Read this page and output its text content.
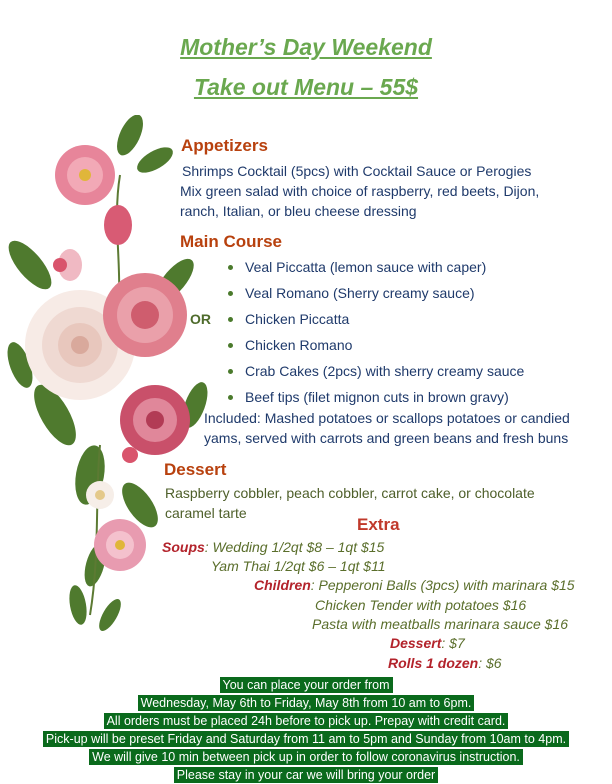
Mother’s Day Weekend
Take out Menu – 55$
Appetizers

Shrimps Cocktail (5pcs) with Cocktail Sauce or Perogies

Mix green salad with choice of raspberry, red beets, Dijon,

ranch, Italian, or bleu cheese dressing

Main Course
OR
Veal Piccatta (lemon sauce with caper)
Veal Romano (Sherry creamy sauce)
Chicken Piccatta
Chicken Romano
Crab Cakes (2pcs) with sherry creamy sauce
Beef tips (filet mignon cuts in brown gravy)

Included: Mashed potatoes or scallops potatoes or candied

yams, served with carrots and green beans and fresh buns

Dessert

Raspberry cobbler, peach cobbler, carrot cake, or chocolate

caramel tarte

Extra
Soups: Wedding 1/2qt $8 – 1qt $15
Yam Thai 1/2qt $6 – 1qt $11
Children: Pepperoni Balls (3pcs) with marinara $15
Chicken Tender with potatoes $16
Pasta with meatballs marinara sauce $16
Dessert: $7
Rolls 1 dozen: $6

You can place your order from

Wednesday, May 6th to Friday, May 8th from 10 am to 6pm.

All orders must be placed 24h before to pick up. Prepay with credit card.

Pick-up will be preset Friday and Saturday from 11 am to 5pm and Sunday from 10am to 4pm.

We will give 10 min between pick up in order to follow coronavirus instruction.

Please stay in your car we will bring your order
